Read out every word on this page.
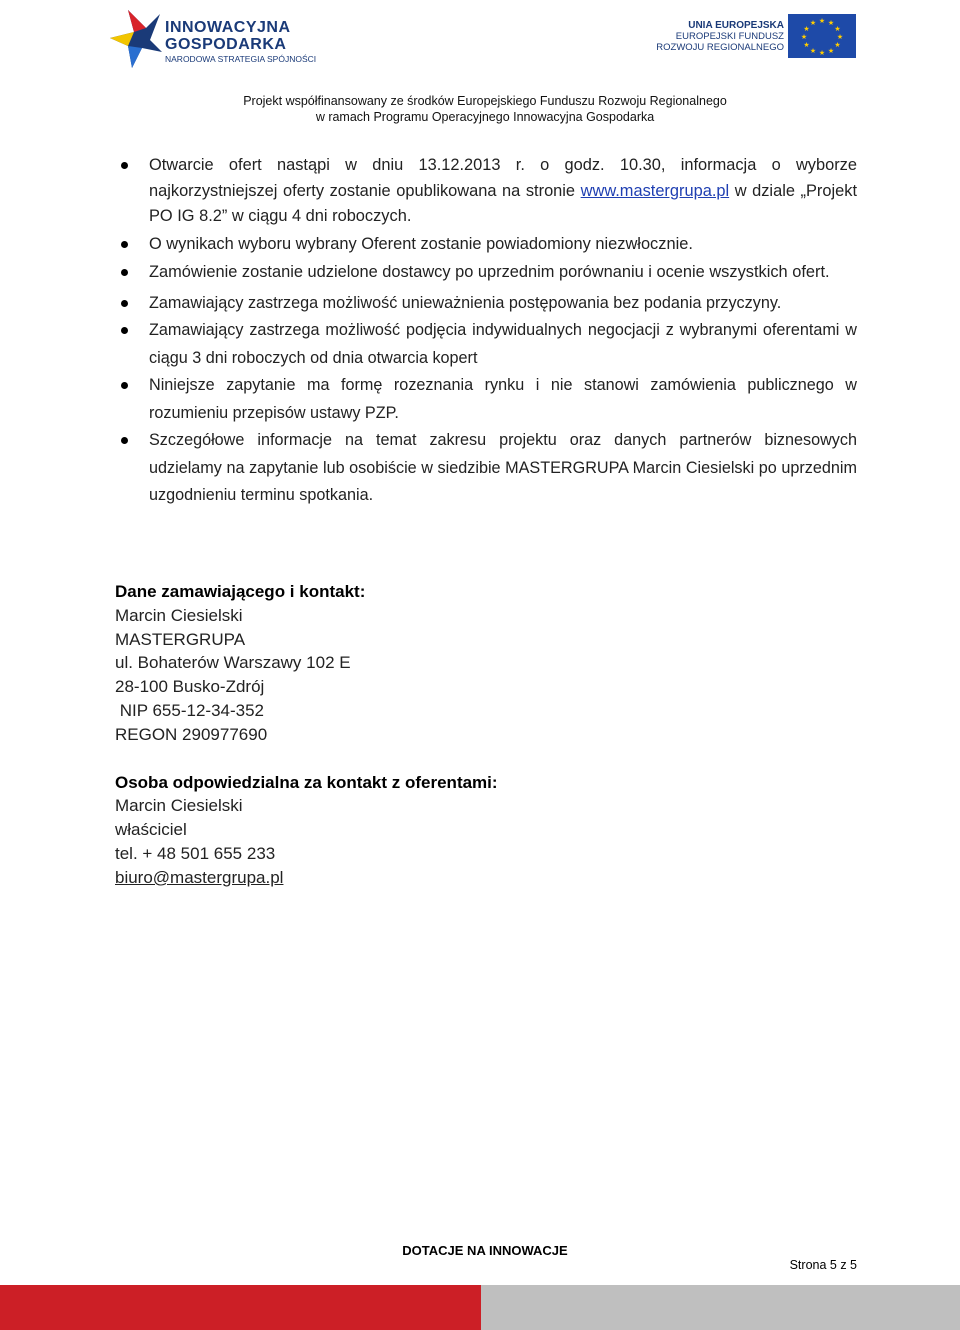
INNOWACYJNA
GOSPODARKA
NARODOWA STRATEGIA SPÓJNOŚCI
UNIA EUROPEJSKA
EUROPEJSKI FUNDUSZ
ROZWOJU REGIONALNEGO
★ ★
★
★
★
★
★
★
★
★
★
★
Projekt współfinansowany ze środków Europejskiego Funduszu Rozwoju Regionalnego
w ramach Programu Operacyjnego Innowacyjna Gospodarka
Otwarcie ofert nastąpi w dniu 13.12.2013 r. o godz. 10.30, informacja o wyborze najkorzystniejszej oferty zostanie opublikowana na stronie www.mastergrupa.pl w dziale „Projekt PO IG 8.2” w ciągu 4 dni roboczych.
O wynikach wyboru wybrany Oferent zostanie powiadomiony niezwłocznie.
Zamówienie zostanie udzielone dostawcy po uprzednim porównaniu i ocenie wszystkich ofert.
Zamawiający zastrzega możliwość unieważnienia postępowania bez podania przyczyny.
Zamawiający zastrzega możliwość podjęcia indywidualnych negocjacji z wybranymi oferentami w ciągu 3 dni roboczych od dnia otwarcia kopert
Niniejsze zapytanie ma formę rozeznania rynku i nie stanowi zamówienia publicznego w rozumieniu przepisów ustawy PZP.
Szczegółowe informacje na temat zakresu projektu oraz danych partnerów biznesowych udzielamy na zapytanie lub osobiście w siedzibie MASTERGRUPA Marcin Ciesielski po uprzednim uzgodnieniu terminu spotkania.
Dane zamawiającego i kontakt:
Marcin Ciesielski
MASTERGRUPA
ul. Bohaterów Warszawy 102 E
28-100 Busko-Zdrój
NIP 655-12-34-352
REGON 290977690
Osoba odpowiedzialna za kontakt z oferentami:
Marcin Ciesielski
właściciel
tel. + 48 501 655 233
biuro@mastergrupa.pl
DOTACJE NA INNOWACJE
Strona 5 z 5
